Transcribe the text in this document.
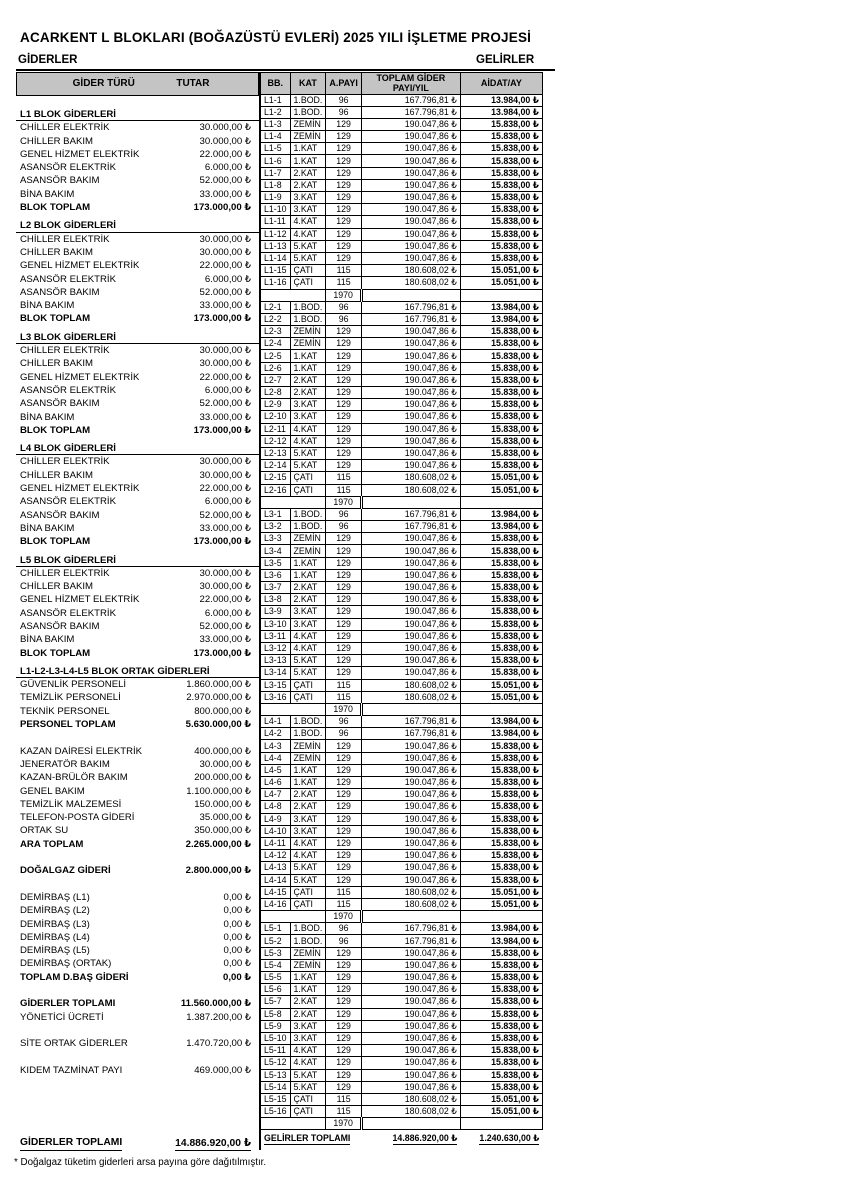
ACARKENT L BLOKLARI (BOĞAZÜSTÜ EVLERİ) 2025 YILI İŞLETME PROJESİ
GİDERLER	GELİRLER
GİDER TÜRÜ	TUTAR
L1 BLOK GİDERLERİ
CHİLLER ELEKTRİK	30.000,00 ₺
CHİLLER BAKIM	30.000,00 ₺
GENEL HİZMET ELEKTRİK	22.000,00 ₺
ASANSÖR ELEKTRİK	6.000,00 ₺
ASANSÖR BAKIM	52.000,00 ₺
BİNA BAKIM	33.000,00 ₺
BLOK TOPLAM	173.000,00 ₺
L2 BLOK GİDERLERİ
CHİLLER ELEKTRİK	30.000,00 ₺
CHİLLER BAKIM	30.000,00 ₺
GENEL HİZMET ELEKTRİK	22.000,00 ₺
ASANSÖR ELEKTRİK	6.000,00 ₺
ASANSÖR BAKIM	52.000,00 ₺
BİNA BAKIM	33.000,00 ₺
BLOK TOPLAM	173.000,00 ₺
L3 BLOK GİDERLERİ
CHİLLER ELEKTRİK	30.000,00 ₺
CHİLLER BAKIM	30.000,00 ₺
GENEL HİZMET ELEKTRİK	22.000,00 ₺
ASANSÖR ELEKTRİK	6.000,00 ₺
ASANSÖR BAKIM	52.000,00 ₺
BİNA BAKIM	33.000,00 ₺
BLOK TOPLAM	173.000,00 ₺
L4 BLOK GİDERLERİ
CHİLLER ELEKTRİK	30.000,00 ₺
CHİLLER BAKIM	30.000,00 ₺
GENEL HİZMET ELEKTRİK	22.000,00 ₺
ASANSÖR ELEKTRİK	6.000,00 ₺
ASANSÖR BAKIM	52.000,00 ₺
BİNA BAKIM	33.000,00 ₺
BLOK TOPLAM	173.000,00 ₺
L5 BLOK GİDERLERİ
CHİLLER ELEKTRİK	30.000,00 ₺
CHİLLER BAKIM	30.000,00 ₺
GENEL HİZMET ELEKTRİK	22.000,00 ₺
ASANSÖR ELEKTRİK	6.000,00 ₺
ASANSÖR BAKIM	52.000,00 ₺
BİNA BAKIM	33.000,00 ₺
BLOK TOPLAM	173.000,00 ₺
L1-L2-L3-L4-L5 BLOK ORTAK GİDERLERİ
GÜVENLİK PERSONELİ	1.860.000,00 ₺
TEMİZLİK PERSONELİ	2.970.000,00 ₺
TEKNİK PERSONEL	800.000,00 ₺
PERSONEL TOPLAM	5.630.000,00 ₺
KAZAN DAİRESİ ELEKTRİK	400.000,00 ₺
JENERATÖR BAKIM	30.000,00 ₺
KAZAN-BRÜLÖR BAKIM	200.000,00 ₺
GENEL BAKIM	1.100.000,00 ₺
TEMİZLİK MALZEMESİ	150.000,00 ₺
TELEFON-POSTA GİDERİ	35.000,00 ₺
ORTAK SU	350.000,00 ₺
ARA TOPLAM	2.265.000,00 ₺
DOĞALGAZ GİDERİ	2.800.000,00 ₺
DEMİRBAŞ (L1)	0,00 ₺
DEMİRBAŞ (L2)	0,00 ₺
DEMİRBAŞ (L3)	0,00 ₺
DEMİRBAŞ (L4)	0,00 ₺
DEMİRBAŞ (L5)	0,00 ₺
DEMİRBAŞ (ORTAK)	0,00 ₺
TOPLAM D.BAŞ GİDERİ	0,00 ₺
GİDERLER TOPLAMI	11.560.000,00 ₺
YÖNETİCİ ÜCRETİ	1.387.200,00 ₺
SİTE ORTAK GİDERLER	1.470.720,00 ₺
KIDEM TAZMİNAT PAYI	469.000,00 ₺
GİDERLER TOPLAMI	14.886.920,00 ₺
* Doğalgaz tüketim giderleri arsa payına göre dağıtılmıştır.
BB.	KAT	A.PAYI	TOPLAM GİDER
PAYI/YIL	AİDAT/AY
L1-1	1.BOD.	96	167.796,81 ₺	13.984,00 ₺
L1-2	1.BOD.	96	167.796,81 ₺	13.984,00 ₺
L1-3	ZEMİN	129	190.047,86 ₺	15.838,00 ₺
L1-4	ZEMİN	129	190.047,86 ₺	15.838,00 ₺
L1-5	1.KAT	129	190.047,86 ₺	15.838,00 ₺
L1-6	1.KAT	129	190.047,86 ₺	15.838,00 ₺
L1-7	2.KAT	129	190.047,86 ₺	15.838,00 ₺
L1-8	2.KAT	129	190.047,86 ₺	15.838,00 ₺
L1-9	3.KAT	129	190.047,86 ₺	15.838,00 ₺
L1-10	3.KAT	129	190.047,86 ₺	15.838,00 ₺
L1-11	4.KAT	129	190.047,86 ₺	15.838,00 ₺
L1-12	4.KAT	129	190.047,86 ₺	15.838,00 ₺
L1-13	5.KAT	129	190.047,86 ₺	15.838,00 ₺
L1-14	5.KAT	129	190.047,86 ₺	15.838,00 ₺
L1-15	ÇATI	115	180.608,02 ₺	15.051,00 ₺
L1-16	ÇATI	115	180.608,02 ₺	15.051,00 ₺
		1970		
L2-1	1.BOD.	96	167.796,81 ₺	13.984,00 ₺
L2-2	1.BOD.	96	167.796,81 ₺	13.984,00 ₺
L2-3	ZEMİN	129	190.047,86 ₺	15.838,00 ₺
L2-4	ZEMİN	129	190.047,86 ₺	15.838,00 ₺
L2-5	1.KAT	129	190.047,86 ₺	15.838,00 ₺
L2-6	1.KAT	129	190.047,86 ₺	15.838,00 ₺
L2-7	2.KAT	129	190.047,86 ₺	15.838,00 ₺
L2-8	2.KAT	129	190.047,86 ₺	15.838,00 ₺
L2-9	3.KAT	129	190.047,86 ₺	15.838,00 ₺
L2-10	3.KAT	129	190.047,86 ₺	15.838,00 ₺
L2-11	4.KAT	129	190.047,86 ₺	15.838,00 ₺
L2-12	4.KAT	129	190.047,86 ₺	15.838,00 ₺
L2-13	5.KAT	129	190.047,86 ₺	15.838,00 ₺
L2-14	5.KAT	129	190.047,86 ₺	15.838,00 ₺
L2-15	ÇATI	115	180.608,02 ₺	15.051,00 ₺
L2-16	ÇATI	115	180.608,02 ₺	15.051,00 ₺
		1970		
L3-1	1.BOD.	96	167.796,81 ₺	13.984,00 ₺
L3-2	1.BOD.	96	167.796,81 ₺	13.984,00 ₺
L3-3	ZEMİN	129	190.047,86 ₺	15.838,00 ₺
L3-4	ZEMİN	129	190.047,86 ₺	15.838,00 ₺
L3-5	1.KAT	129	190.047,86 ₺	15.838,00 ₺
L3-6	1.KAT	129	190.047,86 ₺	15.838,00 ₺
L3-7	2.KAT	129	190.047,86 ₺	15.838,00 ₺
L3-8	2.KAT	129	190.047,86 ₺	15.838,00 ₺
L3-9	3.KAT	129	190.047,86 ₺	15.838,00 ₺
L3-10	3.KAT	129	190.047,86 ₺	15.838,00 ₺
L3-11	4.KAT	129	190.047,86 ₺	15.838,00 ₺
L3-12	4.KAT	129	190.047,86 ₺	15.838,00 ₺
L3-13	5.KAT	129	190.047,86 ₺	15.838,00 ₺
L3-14	5.KAT	129	190.047,86 ₺	15.838,00 ₺
L3-15	ÇATI	115	180.608,02 ₺	15.051,00 ₺
L3-16	ÇATI	115	180.608,02 ₺	15.051,00 ₺
		1970		
L4-1	1.BOD.	96	167.796,81 ₺	13.984,00 ₺
L4-2	1.BOD.	96	167.796,81 ₺	13.984,00 ₺
L4-3	ZEMİN	129	190.047,86 ₺	15.838,00 ₺
L4-4	ZEMİN	129	190.047,86 ₺	15.838,00 ₺
L4-5	1.KAT	129	190.047,86 ₺	15.838,00 ₺
L4-6	1.KAT	129	190.047,86 ₺	15.838,00 ₺
L4-7	2.KAT	129	190.047,86 ₺	15.838,00 ₺
L4-8	2.KAT	129	190.047,86 ₺	15.838,00 ₺
L4-9	3.KAT	129	190.047,86 ₺	15.838,00 ₺
L4-10	3.KAT	129	190.047,86 ₺	15.838,00 ₺
L4-11	4.KAT	129	190.047,86 ₺	15.838,00 ₺
L4-12	4.KAT	129	190.047,86 ₺	15.838,00 ₺
L4-13	5.KAT	129	190.047,86 ₺	15.838,00 ₺
L4-14	5.KAT	129	190.047,86 ₺	15.838,00 ₺
L4-15	ÇATI	115	180.608,02 ₺	15.051,00 ₺
L4-16	ÇATI	115	180.608,02 ₺	15.051,00 ₺
		1970		
L5-1	1.BOD.	96	167.796,81 ₺	13.984,00 ₺
L5-2	1.BOD.	96	167.796,81 ₺	13.984,00 ₺
L5-3	ZEMİN	129	190.047,86 ₺	15.838,00 ₺
L5-4	ZEMİN	129	190.047,86 ₺	15.838,00 ₺
L5-5	1.KAT	129	190.047,86 ₺	15.838,00 ₺
L5-6	1.KAT	129	190.047,86 ₺	15.838,00 ₺
L5-7	2.KAT	129	190.047,86 ₺	15.838,00 ₺
L5-8	2.KAT	129	190.047,86 ₺	15.838,00 ₺
L5-9	3.KAT	129	190.047,86 ₺	15.838,00 ₺
L5-10	3.KAT	129	190.047,86 ₺	15.838,00 ₺
L5-11	4.KAT	129	190.047,86 ₺	15.838,00 ₺
L5-12	4.KAT	129	190.047,86 ₺	15.838,00 ₺
L5-13	5.KAT	129	190.047,86 ₺	15.838,00 ₺
L5-14	5.KAT	129	190.047,86 ₺	15.838,00 ₺
L5-15	ÇATI	115	180.608,02 ₺	15.051,00 ₺
L5-16	ÇATI	115	180.608,02 ₺	15.051,00 ₺
		1970		
GELİRLER TOPLAMI			14.886.920,00 ₺	1.240.630,00 ₺
